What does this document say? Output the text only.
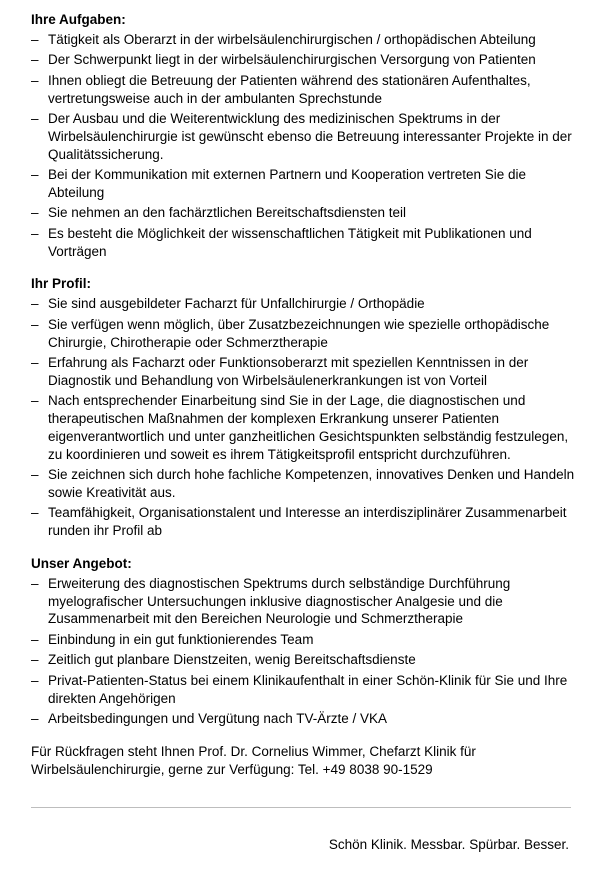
Ihre Aufgaben:
– Tätigkeit als Oberarzt in der wirbelsäulenchirurgischen / orthopädischen Abteilung
– Der Schwerpunkt liegt in der wirbelsäulenchirurgischen Versorgung von Patienten
– Ihnen obliegt die Betreuung der Patienten während des stationären Aufenthaltes, vertretungsweise auch in der ambulanten Sprechstunde
– Der Ausbau und die Weiterentwicklung des medizinischen Spektrums in der Wirbelsäulenchirurgie ist gewünscht ebenso die Betreuung interessanter Projekte in der Qualitätssicherung.
– Bei der Kommunikation mit externen Partnern und Kooperation vertreten Sie die Abteilung
– Sie nehmen an den fachärztlichen Bereitschaftsdiensten teil
– Es besteht die Möglichkeit der wissenschaftlichen Tätigkeit mit Publikationen und Vorträgen
Ihr Profil:
– Sie sind ausgebildeter Facharzt für Unfallchirurgie / Orthopädie
– Sie verfügen wenn möglich, über Zusatzbezeichnungen wie spezielle orthopädische Chirurgie, Chirotherapie oder Schmerztherapie
– Erfahrung als Facharzt oder Funktionsoberarzt mit speziellen Kenntnissen in der Diagnostik und Behandlung von Wirbelsäulenerkrankungen ist von Vorteil
– Nach entsprechender Einarbeitung sind Sie in der Lage, die diagnostischen und therapeutischen Maßnahmen der komplexen Erkrankung unserer Patienten eigenverantwortlich und unter ganzheitlichen Gesichtspunkten selbständig festzulegen, zu koordinieren und soweit es ihrem Tätigkeitsprofil entspricht durchzuführen.
– Sie zeichnen sich durch hohe fachliche Kompetenzen, innovatives Denken und Handeln sowie Kreativität aus.
– Teamfähigkeit, Organisationstalent und Interesse an interdisziplinärer Zusammenarbeit runden ihr Profil ab
Unser Angebot:
– Erweiterung des diagnostischen Spektrums durch selbständige Durchführung myelografischer Untersuchungen inklusive diagnostischer Analgesie und die Zusammenarbeit mit den Bereichen Neurologie und Schmerztherapie
– Einbindung in ein gut funktionierendes Team
– Zeitlich gut planbare Dienstzeiten, wenig Bereitschaftsdienste
– Privat-Patienten-Status bei einem Klinikaufenthalt in einer Schön-Klinik für Sie und Ihre direkten Angehörigen
– Arbeitsbedingungen und Vergütung nach TV-Ärzte / VKA
Für Rückfragen steht Ihnen Prof. Dr. Cornelius Wimmer, Chefarzt Klinik für Wirbelsäulenchirurgie, gerne zur Verfügung: Tel. +49 8038 90-1529
Schön Klinik. Messbar. Spürbar. Besser.
